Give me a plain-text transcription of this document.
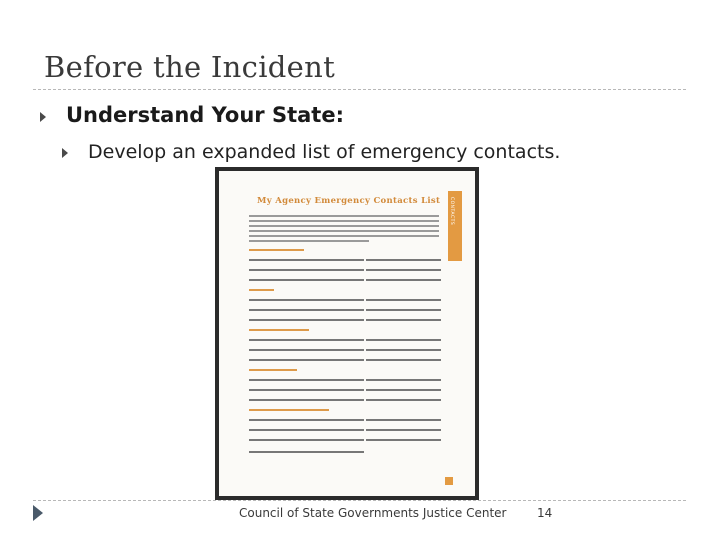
Before the Incident
Understand Your State:
Develop an expanded list of emergency contacts.
My Agency Emergency Contacts List CONTACTS
Council of State Governments Justice Center	14
